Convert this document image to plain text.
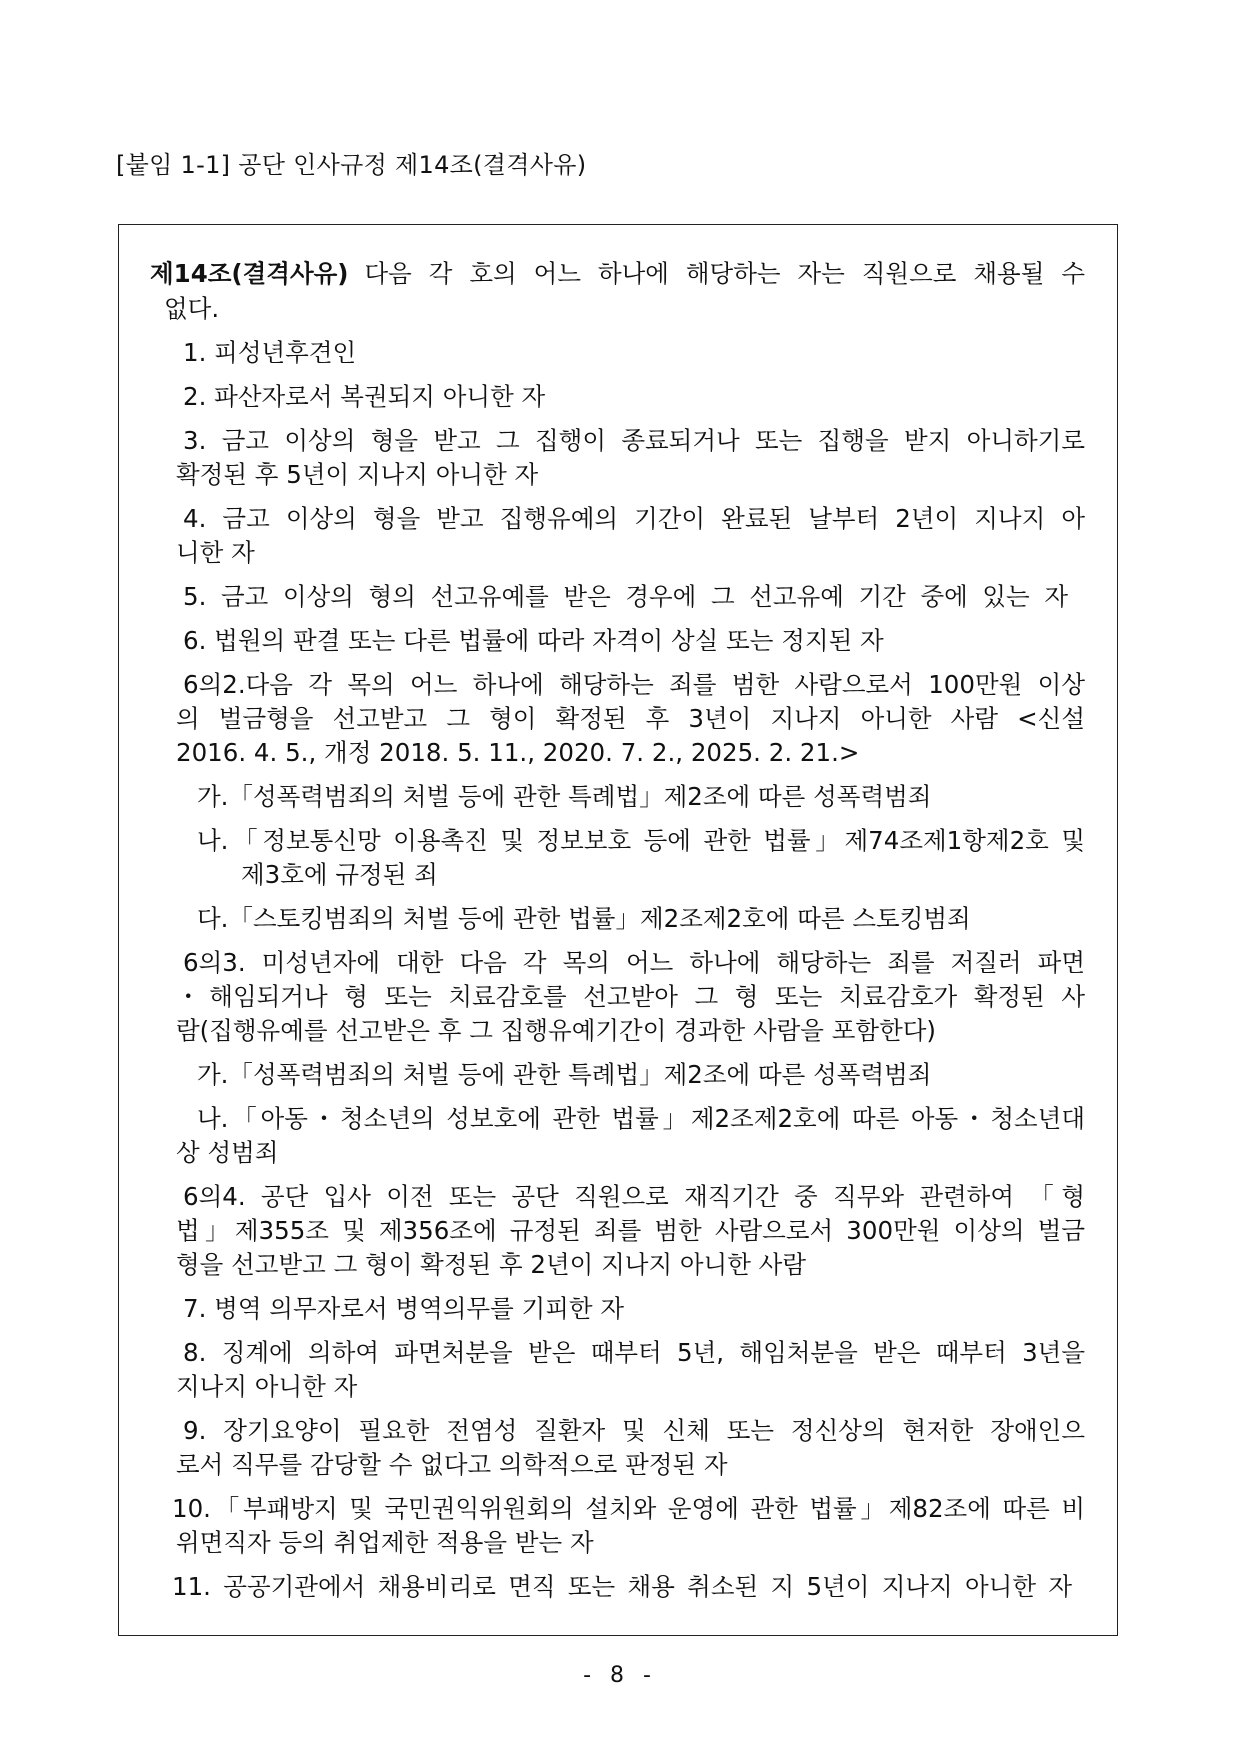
[붙임 1-1] 공단 인사규정 제14조(결격사유)
제14조(결격사유) 다음 각 호의 어느 하나에 해당하는 자는 직원으로 채용될 수
없다.
1. 피성년후견인
2. 파산자로서 복권되지 아니한 자
3. 금고 이상의 형을 받고 그 집행이 종료되거나 또는 집행을 받지 아니하기로
확정된 후 5년이 지나지 아니한 자
4. 금고 이상의 형을 받고 집행유예의 기간이 완료된 날부터 2년이 지나지 아
니한 자
5. 금고 이상의 형의 선고유예를 받은 경우에 그 선고유예 기간 중에 있는 자
6. 법원의 판결 또는 다른 법률에 따라 자격이 상실 또는 정지된 자
6의2.다음 각 목의 어느 하나에 해당하는 죄를 범한 사람으로서 100만원 이상
의 벌금형을 선고받고 그 형이 확정된 후 3년이 지나지 아니한 사람 <신설
2016. 4. 5., 개정 2018. 5. 11., 2020. 7. 2., 2025. 2. 21.>
가.「성폭력범죄의 처벌 등에 관한 특례법」제2조에 따른 성폭력범죄
나.「정보통신망 이용촉진 및 정보보호 등에 관한 법률」제74조제1항제2호 및
제3호에 규정된 죄
다.「스토킹범죄의 처벌 등에 관한 법률」제2조제2호에 따른 스토킹범죄
6의3. 미성년자에 대한 다음 각 목의 어느 하나에 해당하는 죄를 저질러 파면
・해임되거나 형 또는 치료감호를 선고받아 그 형 또는 치료감호가 확정된 사
람(집행유예를 선고받은 후 그 집행유예기간이 경과한 사람을 포함한다)
가.「성폭력범죄의 처벌 등에 관한 특례법」제2조에 따른 성폭력범죄
나.「아동・청소년의 성보호에 관한 법률」제2조제2호에 따른 아동・청소년대
상 성범죄
6의4. 공단 입사 이전 또는 공단 직원으로 재직기간 중 직무와 관련하여 「형
법」제355조 및 제356조에 규정된 죄를 범한 사람으로서 300만원 이상의 벌금
형을 선고받고 그 형이 확정된 후 2년이 지나지 아니한 사람
7. 병역 의무자로서 병역의무를 기피한 자
8. 징계에 의하여 파면처분을 받은 때부터 5년, 해임처분을 받은 때부터 3년을
지나지 아니한 자
9. 장기요양이 필요한 전염성 질환자 및 신체 또는 정신상의 현저한 장애인으
로서 직무를 감당할 수 없다고 의학적으로 판정된 자
10.「부패방지 및 국민권익위원회의 설치와 운영에 관한 법률」제82조에 따른 비
위면직자 등의 취업제한 적용을 받는 자
11. 공공기관에서 채용비리로 면직 또는 채용 취소된 지 5년이 지나지 아니한 자
- 8 -
